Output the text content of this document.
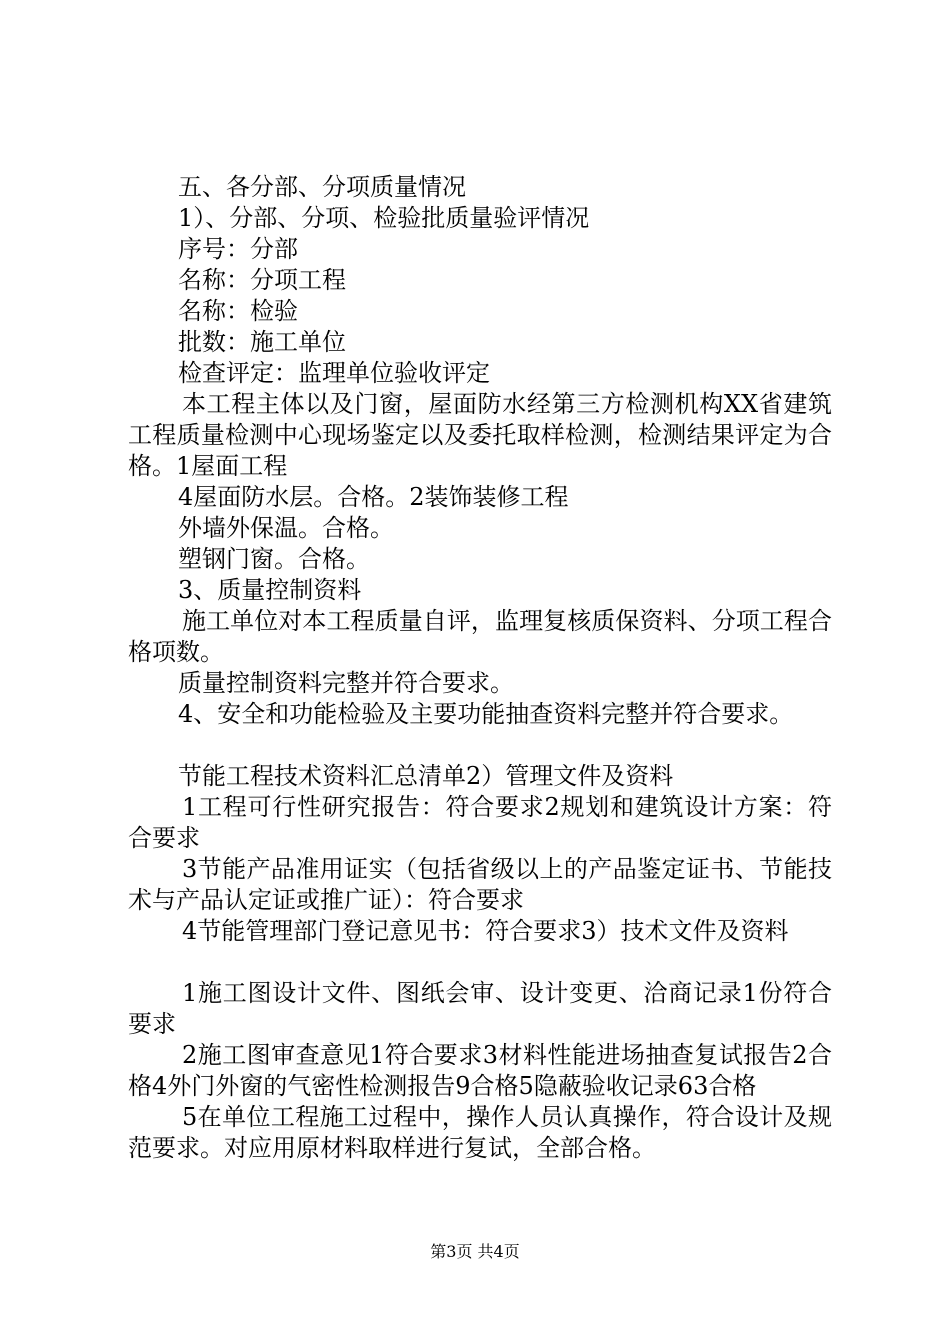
五、各分部、分项质量情况

1）、分部、分项、检验批质量验评情况

序号：分部

名称：分项工程

名称：检验

批数：施工单位

检查评定：监理单位验收评定

本工程主体以及门窗，屋面防水经第三方检测机构XX省建筑工程质量检测中心现场鉴定以及委托取样检测，检测结果评定为合格。1屋面工程

4屋面防水层。合格。2装饰装修工程

外墙外保温。合格。

塑钢门窗。合格。

3、质量控制资料

施工单位对本工程质量自评，监理复核质保资料、分项工程合格项数。

质量控制资料完整并符合要求。

4、安全和功能检验及主要功能抽查资料完整并符合要求。

节能工程技术资料汇总清单2）管理文件及资料

1工程可行性研究报告：符合要求2规划和建筑设计方案：符合要求

3节能产品准用证实（包括省级以上的产品鉴定证书、节能技术与产品认定证或推广证）：符合要求

4节能管理部门登记意见书：符合要求3）技术文件及资料

1施工图设计文件、图纸会审、设计变更、洽商记录1份符合要求

2施工图审查意见1符合要求3材料性能进场抽查复试报告2合格4外门外窗的气密性检测报告9合格5隐蔽验收记录63合格

5在单位工程施工过程中，操作人员认真操作，符合设计及规范要求。对应用原材料取样进行复试，全部合格。

第3页 共4页
